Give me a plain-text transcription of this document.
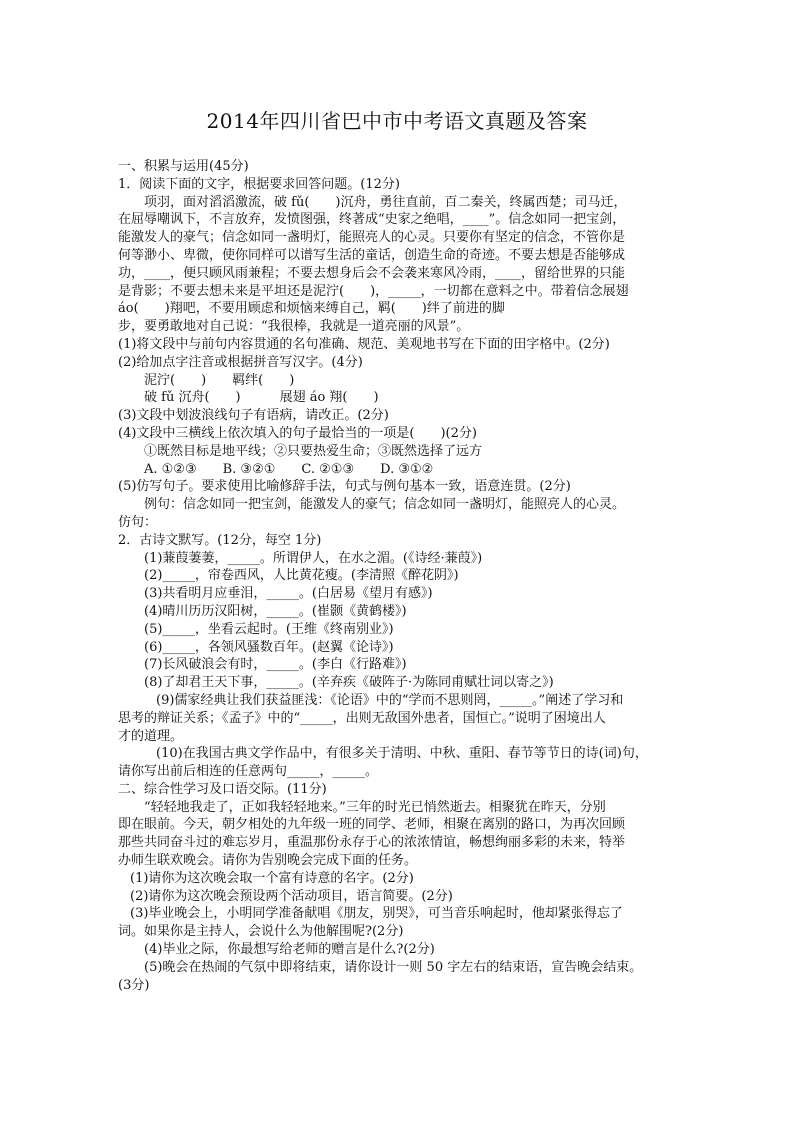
2014年四川省巴中市中考语文真题及答案
一、积累与运用(45分)
1．阅读下面的文字，根据要求回答问题。(12分)
项羽，面对滔滔激流，破 fǔ(　　)沉舟，勇往直前，百二秦关，终属西楚；司马迁，
在屈辱嘲讽下，不言放弃，发愤图强，终著成“史家之绝唱，____”。信念如同一把宝剑，
能激发人的豪气；信念如同一盏明灯，能照亮人的心灵。只要你有坚定的信念，不管你是
何等渺小、卑微，使你同样可以谱写生活的童话，创造生命的奇迹。不要去想是否能够成
功，____，便只顾风雨兼程；不要去想身后会不会袭来寒风冷雨，____，留给世界的只能
是背影；不要去想未来是平坦还是泥泞(　　)，_____，一切都在意料之中。带着信念展翅
áo(　　)翔吧，不要用顾虑和烦恼来缚自己，羁(　　)绊了前进的脚
步，要勇敢地对自己说：“我很棒，我就是一道亮丽的风景”。
(1)将文段中与前句内容贯通的名句准确、规范、美观地书写在下面的田字格中。(2分)
(2)给加点字注音或根据拼音写汉字。(4分)
泥泞(　　)　　羁绊(　　)
破 fǔ 沉舟(　　)　　　展翅 áo 翔(　　)
(3)文段中划波浪线句子有语病，请改正。(2分)
(4)文段中三横线上依次填入的句子最恰当的一项是(　　)(2分)
①既然目标是地平线；②只要热爱生命；③既然选择了远方
A. ①②③　　B. ③②①　　C. ②①③　　D. ③①②
(5)仿写句子。要求使用比喻修辞手法，句式与例句基本一致，语意连贯。(2分)
例句：信念如同一把宝剑，能激发人的豪气；信念如同一盏明灯，能照亮人的心灵。
仿句：
2．古诗文默写。(12分，每空 1分)
(1)蒹葭萋萋，_____。所谓伊人，在水之湄。(《诗经·蒹葭》)
(2)_____，帘卷西风，人比黄花瘦。(李清照《醉花阴》)
(3)共看明月应垂泪，_____。(白居易《望月有感》)
(4)晴川历历汉阳树，_____。(崔颢《黄鹤楼》)
(5)_____，坐看云起时。(王维《终南别业》)
(6)_____，各领风骚数百年。(赵翼《论诗》)
(7)长风破浪会有时，_____。(李白《行路难》)
(8)了却君王天下事，_____。(辛弃疾《破阵子·为陈同甫赋壮词以寄之》)
(9)儒家经典让我们获益匪浅：《论语》中的“学而不思则罔，_____。”阐述了学习和
思考的辩证关系；《孟子》中的“_____，出则无敌国外患者，国恒亡。”说明了困境出人
才的道理。
(10)在我国古典文学作品中，有很多关于清明、中秋、重阳、春节等节日的诗(词)句，
请你写出前后相连的任意两句_____，_____。
二、综合性学习及口语交际。(11分)
“轻轻地我走了，正如我轻轻地来。”三年的时光已悄然逝去。相聚犹在昨天，分别
即在眼前。今天，朝夕相处的九年级一班的同学、老师，相聚在离别的路口，为再次回顾
那些共同奋斗过的难忘岁月，重温那份永存于心的浓浓情谊，畅想绚丽多彩的未来，特举
办师生联欢晚会。请你为告别晚会完成下面的任务。
(1)请你为这次晚会取一个富有诗意的名字。(2分)
(2)请你为这次晚会预设两个活动项目，语言简要。(2分)
(3)毕业晚会上，小明同学准备献唱《朋友，别哭》，可当音乐响起时，他却紧张得忘了
词。如果你是主持人，会说什么为他解围呢?(2分)
(4)毕业之际，你最想写给老师的赠言是什么?(2分)
(5)晚会在热闹的气氛中即将结束，请你设计一则 50 字左右的结束语，宣告晚会结束。
(3分)
